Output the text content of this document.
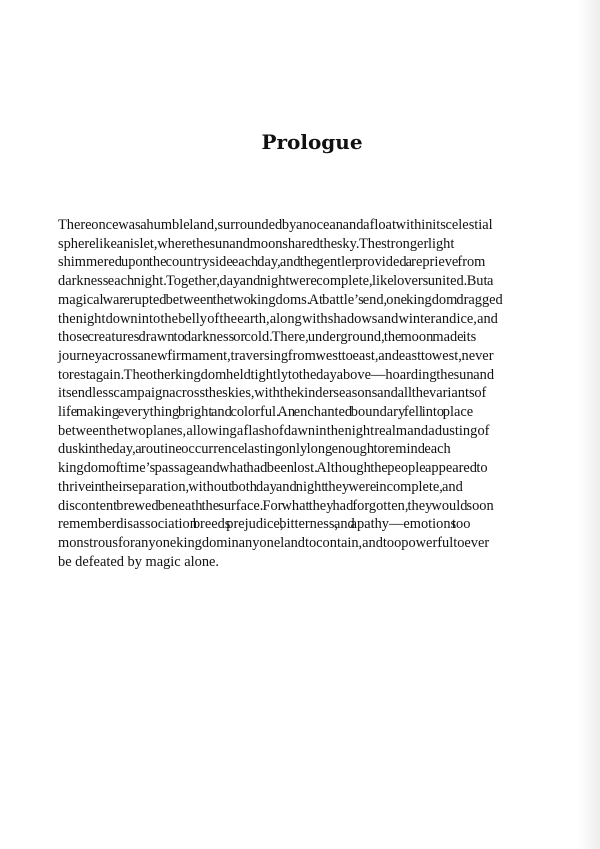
Prologue

There once was a humble land, surrounded by an ocean and afloat within its celestial
sphere like an islet, where the sun and moon shared the sky. The stronger light
shimmered upon the countryside each day, and the gentler provided a reprieve from
darkness each night. Together, day and night were complete, like lovers united. But a
magical war erupted between the two kingdoms. At battle’s end, one kingdom dragged
the night down into the belly of the earth, along with shadows and winter and ice, and
those creatures drawn to darkness or cold. There, underground, the moon made its
journey across a new firmament, traversing from west to east, and east to west, never
to rest again. The other kingdom held tightly to the day above—hoarding the sun and
its endless campaign across the skies, with the kinder seasons and all the variants of
life making everything bright and colorful. An enchanted boundary fell into place
between the two planes, allowing a flash of dawn in the night realm and a dusting of
dusk in the day, a routine occurrence lasting only long enough to remind each
kingdom of time’s passage and what had been lost. Although the people appeared to
thrive in their separation, without both day and night they were incomplete, and
discontent brewed beneath the surface. For what they had forgotten, they would soon
remember: disassociation breeds prejudice, bitterness, and apathy—emotions too
monstrous for any one kingdom in any one land to contain, and too powerful to ever
be defeated by magic alone.
